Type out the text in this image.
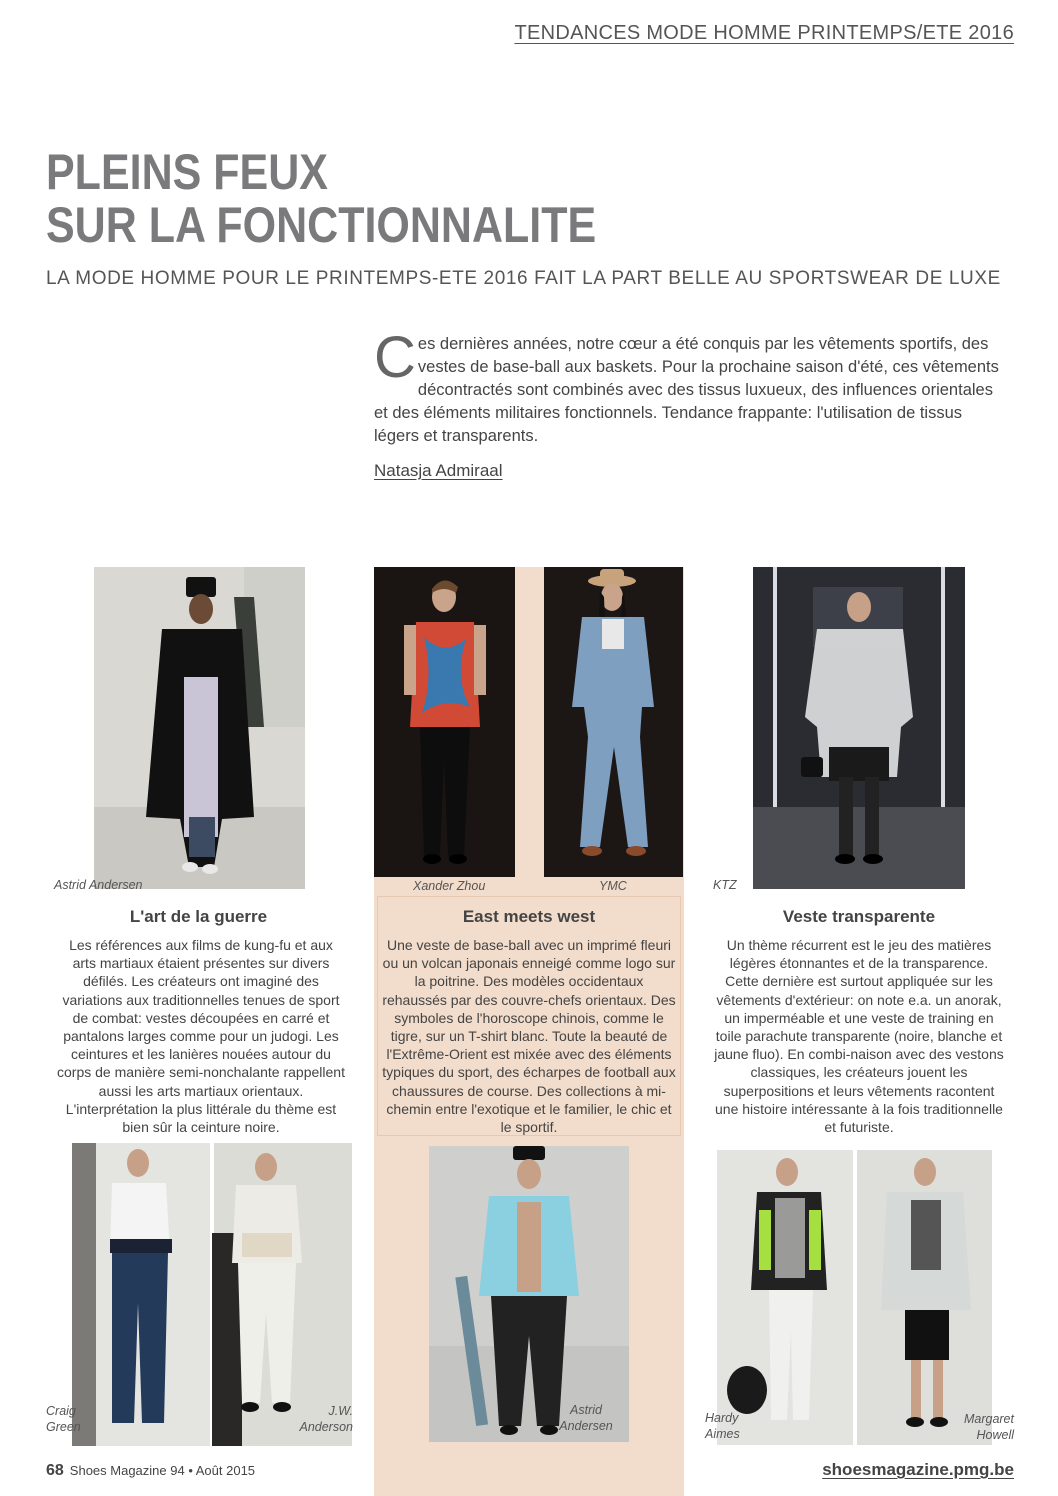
TENDANCES MODE HOMME PRINTEMPS/ETE 2016
PLEINS FEUX
SUR LA FONCTIONNALITE
LA MODE HOMME POUR LE PRINTEMPS-ETE 2016 FAIT LA PART BELLE AU SPORTSWEAR DE LUXE
Ces dernières années, notre cœur a été conquis par les vêtements sportifs, des vestes de base-ball aux baskets. Pour la prochaine saison d'été, ces vêtements décontractés sont combinés avec des tissus luxueux, des influences orientales et des éléments militaires fonctionnels. Tendance frappante: l'utilisation de tissus légers et transparents.
Natasja Admiraal
Astrid Andersen	Xander Zhou	YMC	KTZ
L'art de la guerre
Les références aux films de kung-fu et aux arts martiaux étaient présentes sur divers défilés. Les créateurs ont imaginé des variations aux traditionnelles tenues de sport de combat: vestes découpées en carré et pantalons larges comme pour un judogi. Les ceintures et les lanières nouées autour du corps de manière semi-nonchalante rappellent aussi les arts martiaux orientaux. L'interprétation la plus littérale du thème est bien sûr la ceinture noire.
East meets west
Une veste de base-ball avec un imprimé fleuri ou un volcan japonais enneigé comme logo sur la poitrine. Des modèles occidentaux rehaussés par des couvre-chefs orientaux. Des symboles de l'horoscope chinois, comme le tigre, sur un T-shirt blanc. Toute la beauté de l'Extrême-Orient est mixée avec des éléments typiques du sport, des écharpes de football aux chaussures de course. Des collections à mi-chemin entre l'exotique et le familier, le chic et le sportif.
Veste transparente
Un thème récurrent est le jeu des matières légères étonnantes et de la transparence. Cette dernière est surtout appliquée sur les vêtements d'extérieur: on note e.a. un anorak, un imperméable et une veste de training en toile parachute transparente (noire, blanche et jaune fluo). En combi-naison avec des vestons classiques, les créateurs jouent les superpositions et leurs vêtements racontent une histoire intéressante à la fois traditionnelle et futuriste.
Craig
Green
J.W.
Anderson
Astrid
Andersen
Hardy
Aimes
Margaret
Howell
68 Shoes Magazine 94 • Août 2015	shoesmagazine.pmg.be
